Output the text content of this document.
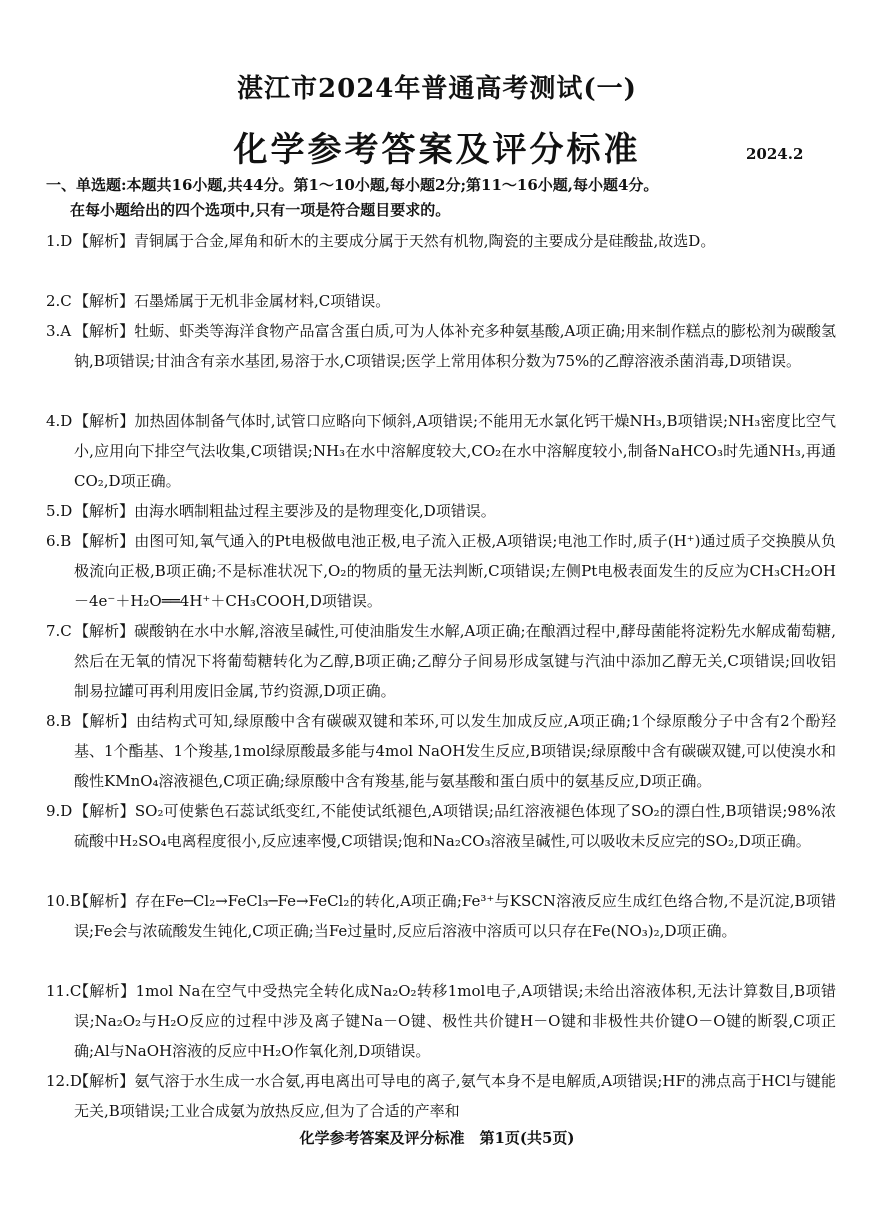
湛江市2024年普通高考测试(一)
化学参考答案及评分标准	2024.2
一、单选题:本题共16小题,共44分。第1～10小题,每小题2分;第11～16小题,每小题4分。
在每小题给出的四个选项中,只有一项是符合题目要求的。
1.D 【解析】青铜属于合金,犀角和斫木的主要成分属于天然有机物,陶瓷的主要成分是硅酸盐,故选D。
2.C 【解析】石墨烯属于无机非金属材料,C项错误。
3.A 【解析】牡蛎、虾类等海洋食物产品富含蛋白质,可为人体补充多种氨基酸,A项正确;用来制作糕点的膨松剂为碳酸氢钠,B项错误;甘油含有亲水基团,易溶于水,C项错误;医学上常用体积分数为75%的乙醇溶液杀菌消毒,D项错误。
4.D 【解析】加热固体制备气体时,试管口应略向下倾斜,A项错误;不能用无水氯化钙干燥NH₃,B项错误;NH₃密度比空气小,应用向下排空气法收集,C项错误;NH₃在水中溶解度较大,CO₂在水中溶解度较小,制备NaHCO₃时先通NH₃,再通CO₂,D项正确。
5.D 【解析】由海水晒制粗盐过程主要涉及的是物理变化,D项错误。
6.B 【解析】由图可知,氧气通入的Pt电极做电池正极,电子流入正极,A项错误;电池工作时,质子(H⁺)通过质子交换膜从负极流向正极,B项正确;不是标准状况下,O₂的物质的量无法判断,C项错误;左侧Pt电极表面发生的反应为CH₃CH₂OH－4e⁻＋H₂O══4H⁺＋CH₃COOH,D项错误。
7.C 【解析】碳酸钠在水中水解,溶液呈碱性,可使油脂发生水解,A项正确;在酿酒过程中,酵母菌能将淀粉先水解成葡萄糖,然后在无氧的情况下将葡萄糖转化为乙醇,B项正确;乙醇分子间易形成氢键与汽油中添加乙醇无关,C项错误;回收铝制易拉罐可再利用废旧金属,节约资源,D项正确。
8.B 【解析】由结构式可知,绿原酸中含有碳碳双键和苯环,可以发生加成反应,A项正确;1个绿原酸分子中含有2个酚羟基、1个酯基、1个羧基,1mol绿原酸最多能与4mol NaOH发生反应,B项错误;绿原酸中含有碳碳双键,可以使溴水和酸性KMnO₄溶液褪色,C项正确;绿原酸中含有羧基,能与氨基酸和蛋白质中的氨基反应,D项正确。
9.D 【解析】SO₂可使紫色石蕊试纸变红,不能使试纸褪色,A项错误;品红溶液褪色体现了SO₂的漂白性,B项错误;98%浓硫酸中H₂SO₄电离程度很小,反应速率慢,C项错误;饱和Na₂CO₃溶液呈碱性,可以吸收未反应完的SO₂,D项正确。
10.B
【解析】存在Fe─Cl₂→FeCl₃─Fe→FeCl₂的转化,A项正确;Fe³⁺与KSCN溶液反应生成红色络合物,不是沉淀,B项错误;Fe会与浓硫酸发生钝化,C项正确;当Fe过量时,反应后溶液中溶质可以只存在Fe(NO₃)₂,D项正确。
11.C
【解析】1mol Na在空气中受热完全转化成Na₂O₂转移1mol电子,A项错误;未给出溶液体积,无法计算数目,B项错误;Na₂O₂与H₂O反应的过程中涉及离子键Na－O键、极性共价键H－O键和非极性共价键O－O键的断裂,C项正确;Al与NaOH溶液的反应中H₂O作氧化剂,D项错误。
12.D
【解析】氨气溶于水生成一水合氨,再电离出可导电的离子,氨气本身不是电解质,A项错误;HF的沸点高于HCl与键能无关,B项错误;工业合成氨为放热反应,但为了合适的产率和
化学参考答案及评分标准　第1页(共5页)
